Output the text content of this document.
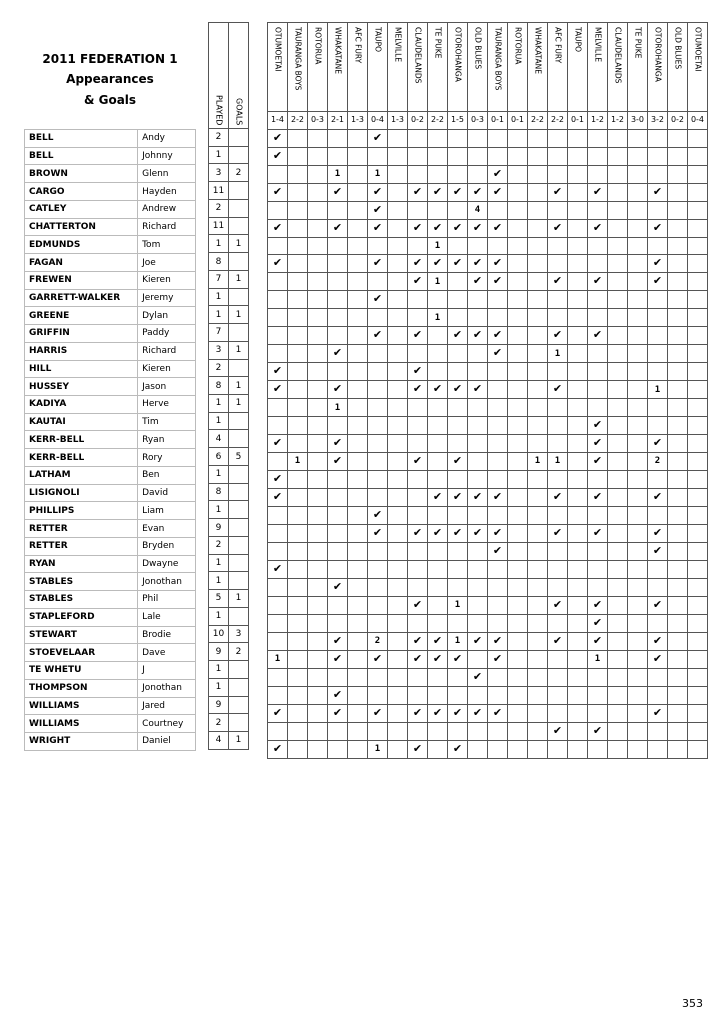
2011 FEDERATION 1
Appearances
& Goals
BELL	Andy
BELL	Johnny
BROWN	Glenn
CARGO	Hayden
CATLEY	Andrew
CHATTERTON	Richard
EDMUNDS	Tom
FAGAN	Joe
FREWEN	Kieren
GARRETT-WALKER	Jeremy
GREENE	Dylan
GRIFFIN	Paddy
HARRIS	Richard
HILL	Kieren
HUSSEY	Jason
KADIYA	Herve
KAUTAI	Tim
KERR-BELL	Ryan
KERR-BELL	Rory
LATHAM	Ben
LISIGNOLI	David
PHILLIPS	Liam
RETTER	Evan
RETTER	Bryden
RYAN	Dwayne
STABLES	Jonothan
STABLES	Phil
STAPLEFORD	Lale
STEWART	Brodie
STOEVELAAR	Dave
TE WHETU	J
THOMPSON	Jonothan
WILLIAMS	Jared
WILLIAMS	Courtney
WRIGHT	Daniel
PLAYED	GOALS

2	
1	
3	2
11	
2	
11	
1	1
8	
7	1
1	
1	1
7	
3	1
2	
8	1
1	1
1	
4	
6	5
1	
8	
1	
9	
2	
1	
1	
5	1
1	
10	3
9	2
1	
1	
9	
2	
4	1
OTUMOETAI	TAURANGA BOYS	ROTORUA	WHAKATANE	AFC FURY	TAUPO	MELVILLE	CLAUDELANDS	TE PUKE	OTOROHANGA	OLD BLUES	TAURANGA BOYS	ROTORUA	WHAKATANE	AFC FURY	TAUPO	MELVILLE	CLAUDELANDS	TE PUKE	OTOROHANGA	OLD BLUES	OTUMOETAI

1-4	2-2	0-3	2-1	1-3	0-4	1-3	0-2	2-2	1-5	0-3	0-1	0-1	2-2	2-2	0-1	1-2	1-2	3-0	3-2	0-2	0-4
✔					✔																
✔																					
			1		1						✔										
✔			✔		✔		✔	✔	✔	✔	✔			✔		✔			✔		
					✔					4											
✔			✔		✔		✔	✔	✔	✔	✔			✔		✔			✔		
								1													
✔					✔		✔	✔	✔	✔	✔								✔		
							✔	1		✔	✔			✔		✔			✔		
					✔																
								1													
					✔		✔		✔	✔	✔			✔		✔					
			✔								✔			1							
✔							✔														
✔			✔				✔	✔	✔	✔				✔					1		
			1																		
																✔					
✔			✔													✔			✔		
	1		✔				✔		✔				1	1		✔			2		
✔																					
✔								✔	✔	✔	✔			✔		✔			✔		
					✔																
					✔		✔	✔	✔	✔	✔			✔		✔			✔		
											✔								✔		
✔																					
			✔																		
							✔		1					✔		✔			✔		
																✔					
			✔		2		✔	✔	1	✔	✔			✔		✔			✔		
1			✔		✔		✔	✔	✔		✔					1			✔		
										✔											
			✔																		
✔			✔		✔		✔	✔	✔	✔	✔								✔		
														✔		✔					
✔					1		✔		✔												
353
